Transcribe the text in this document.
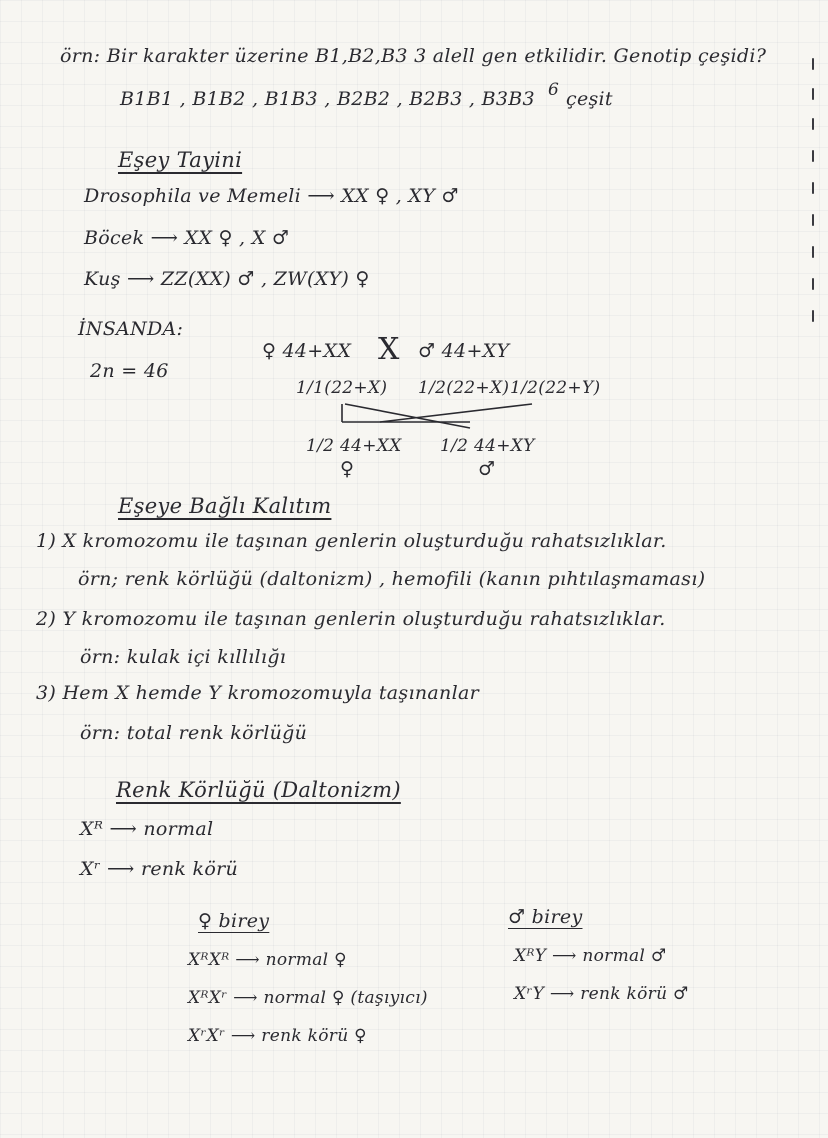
örn: Bir karakter üzerine B1,B2,B3 3 alell gen etkilidir. Genotip çeşidi?
B1B1 , B1B2 , B1B3 , B2B2 , B2B3 , B3B3 6 çeşit
Eşey Tayini
Drosophila ve Memeli ⟶ XX ♀ , XY ♂
Böcek ⟶ XX ♀ , X ♂
Kuş ⟶ ZZ(XX) ♂ , ZW(XY) ♀
İNSANDA:
2n = 46
♀ 44+XX X ♂ 44+XY
1/1(22+X) 1/2(22+X) 1/2(22+Y)
1/2 44+XX
♀
1/2 44+XY
♂
Eşeye Bağlı Kalıtım
1) X kromozomu ile taşınan genlerin oluşturduğu rahatsızlıklar.
örn; renk körlüğü (daltonizm) , hemofili (kanın pıhtılaşmaması)
2) Y kromozomu ile taşınan genlerin oluşturduğu rahatsızlıklar.
örn: kulak içi kıllılığı
3) Hem X hemde Y kromozomuyla taşınanlar
örn: total renk körlüğü
Renk Körlüğü (Daltonizm)
Xᴿ ⟶ normal
Xʳ ⟶ renk körü
♀ birey
XᴿXᴿ ⟶ normal ♀
XᴿXʳ ⟶ normal ♀ (taşıyıcı)
XʳXʳ ⟶ renk körü ♀
♂ birey
XᴿY ⟶ normal ♂
XʳY ⟶ renk körü ♂
